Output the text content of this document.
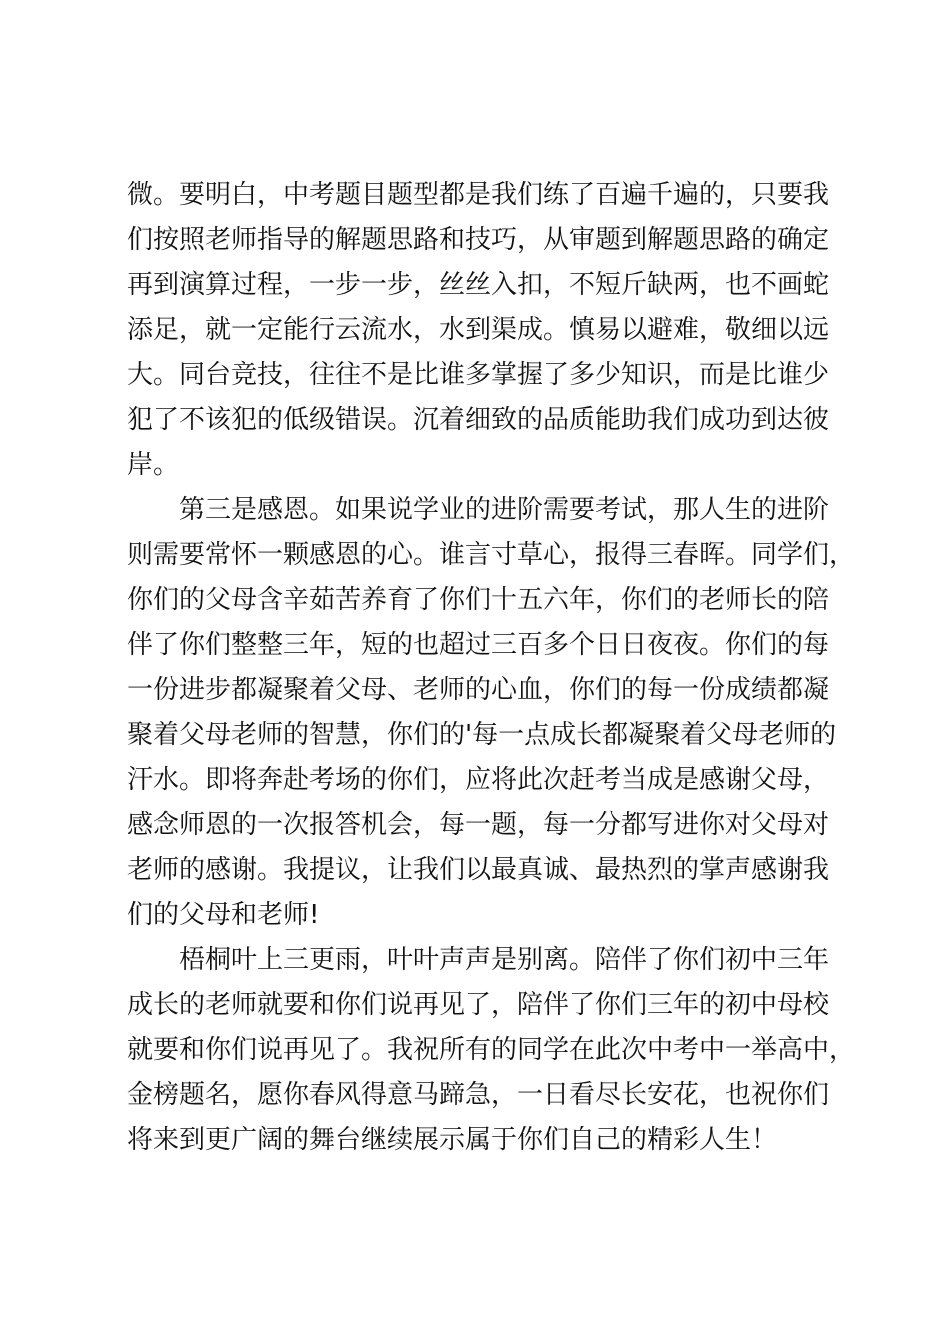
微。要明白，中考题目题型都是我们练了百遍千遍的，只要我
们按照老师指导的解题思路和技巧，从审题到解题思路的确定
再到演算过程，一步一步，丝丝入扣，不短斤缺两，也不画蛇
添足，就一定能行云流水，水到渠成。慎易以避难，敬细以远
大。同台竞技，往往不是比谁多掌握了多少知识，而是比谁少
犯了不该犯的低级错误。沉着细致的品质能助我们成功到达彼
岸。
第三是感恩。如果说学业的进阶需要考试，那人生的进阶
则需要常怀一颗感恩的心。谁言寸草心，报得三春晖。同学们，
你们的父母含辛茹苦养育了你们十五六年，你们的老师长的陪
伴了你们整整三年，短的也超过三百多个日日夜夜。你们的每
一份进步都凝聚着父母、老师的心血，你们的每一份成绩都凝
聚着父母老师的智慧，你们的'每一点成长都凝聚着父母老师的
汗水。即将奔赴考场的你们，应将此次赶考当成是感谢父母，
感念师恩的一次报答机会，每一题，每一分都写进你对父母对
老师的感谢。我提议，让我们以最真诚、最热烈的掌声感谢我
们的父母和老师!
梧桐叶上三更雨，叶叶声声是别离。陪伴了你们初中三年
成长的老师就要和你们说再见了，陪伴了你们三年的初中母校
就要和你们说再见了。我祝所有的同学在此次中考中一举高中，
金榜题名，愿你春风得意马蹄急，一日看尽长安花，也祝你们
将来到更广阔的舞台继续展示属于你们自己的精彩人生！
